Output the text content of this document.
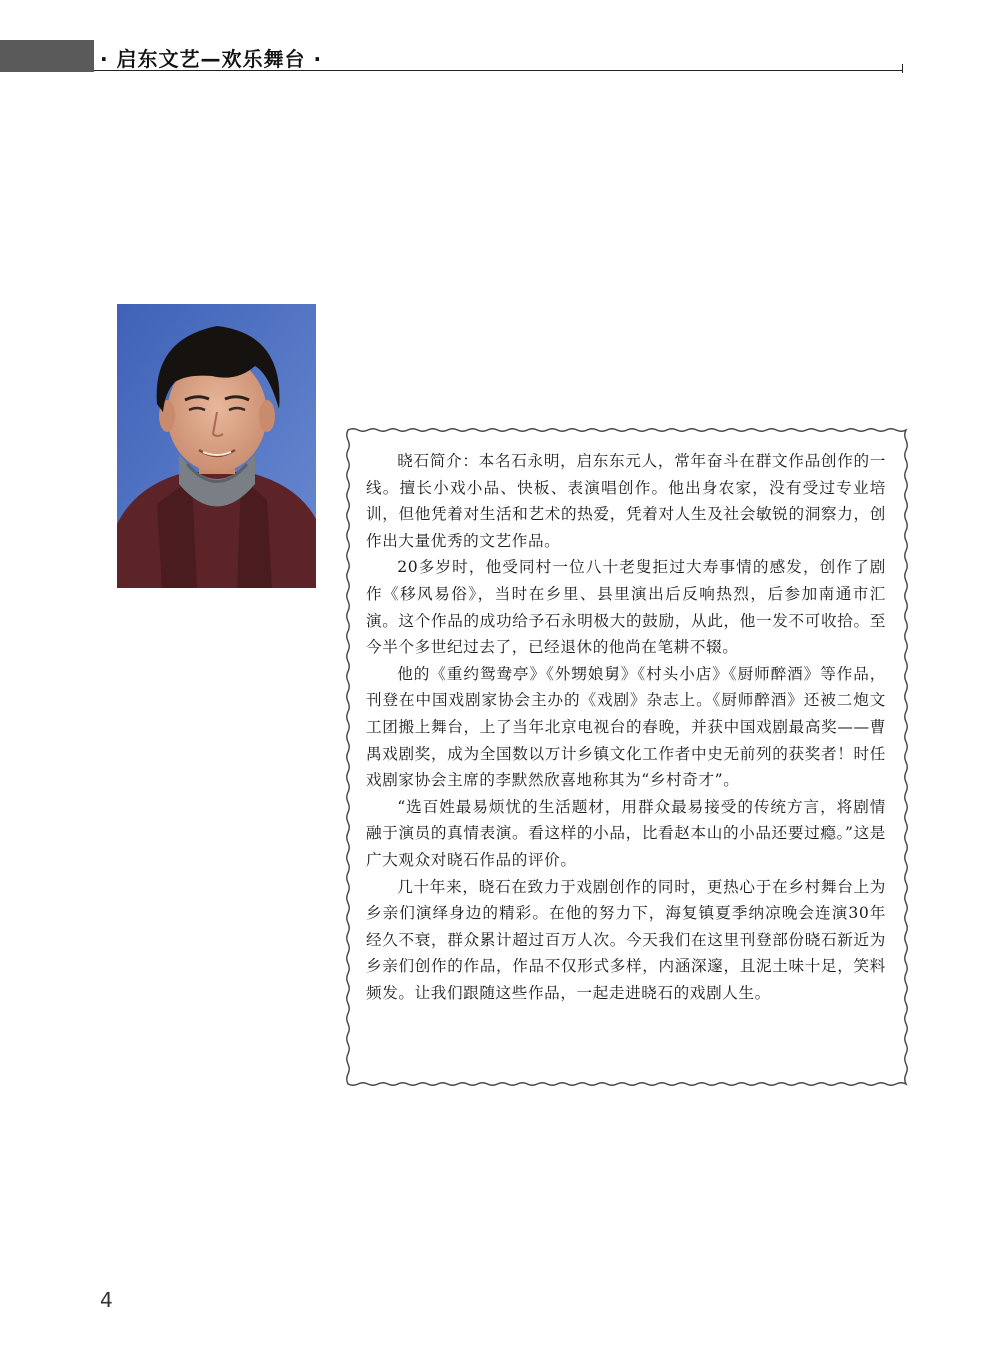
· 启东文艺—欢乐舞台 ·

晓石简介：本名石永明，启东东元人，常年奋斗在群文作品创作的一线。擅长小戏小品、快板、表演唱创作。他出身农家，没有受过专业培训，但他凭着对生活和艺术的热爱，凭着对人生及社会敏锐的洞察力，创作出大量优秀的文艺作品。

20多岁时，他受同村一位八十老叟拒过大寿事情的感发，创作了剧作《移风易俗》，当时在乡里、县里演出后反响热烈，后参加南通市汇演。这个作品的成功给予石永明极大的鼓励，从此，他一发不可收拾。至今半个多世纪过去了，已经退休的他尚在笔耕不辍。

他的《重约鸳鸯亭》《外甥娘舅》《村头小店》《厨师醉酒》等作品，刊登在中国戏剧家协会主办的《戏剧》杂志上。《厨师醉酒》还被二炮文工团搬上舞台，上了当年北京电视台的春晚，并获中国戏剧最高奖——曹禺戏剧奖，成为全国数以万计乡镇文化工作者中史无前列的获奖者！时任戏剧家协会主席的李默然欣喜地称其为“乡村奇才”。

“选百姓最易烦忧的生活题材，用群众最易接受的传统方言，将剧情融于演员的真情表演。看这样的小品，比看赵本山的小品还要过瘾。”这是广大观众对晓石作品的评价。

几十年来，晓石在致力于戏剧创作的同时，更热心于在乡村舞台上为乡亲们演绎身边的精彩。在他的努力下，海复镇夏季纳凉晚会连演30年经久不衰，群众累计超过百万人次。今天我们在这里刊登部份晓石新近为乡亲们创作的作品，作品不仅形式多样，内涵深邃，且泥土味十足，笑料频发。让我们跟随这些作品，一起走进晓石的戏剧人生。

4
